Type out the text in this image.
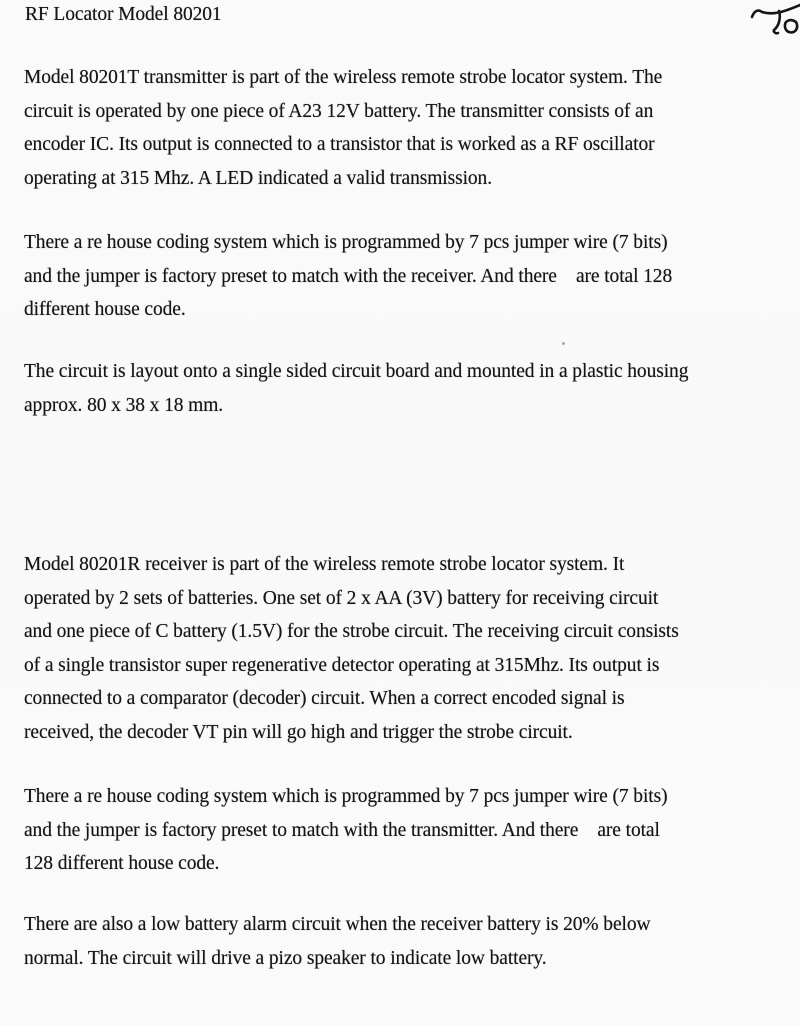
RF Locator Model 80201
Model 80201T transmitter is part of the wireless remote strobe locator system. The
circuit is operated by one piece of A23 12V battery. The transmitter consists of an
encoder IC. Its output is connected to a transistor that is worked as a RF oscillator
operating at 315 Mhz. A LED indicated a valid transmission.
There a re house coding system which is programmed by 7 pcs jumper wire (7 bits)
and the jumper is factory preset to match with the receiver. And there    are total 128
different house code.
The circuit is layout onto a single sided circuit board and mounted in a plastic housing
approx. 80 x 38 x 18 mm.
Model 80201R receiver is part of the wireless remote strobe locator system. It
operated by 2 sets of batteries. One set of 2 x AA (3V) battery for receiving circuit
and one piece of C battery (1.5V) for the strobe circuit. The receiving circuit consists
of a single transistor super regenerative detector operating at 315Mhz. Its output is
connected to a comparator (decoder) circuit. When a correct encoded signal is
received, the decoder VT pin will go high and trigger the strobe circuit.
There a re house coding system which is programmed by 7 pcs jumper wire (7 bits)
and the jumper is factory preset to match with the transmitter. And there    are total
128 different house code.
There are also a low battery alarm circuit when the receiver battery is 20% below
normal. The circuit will drive a pizo speaker to indicate low battery.
